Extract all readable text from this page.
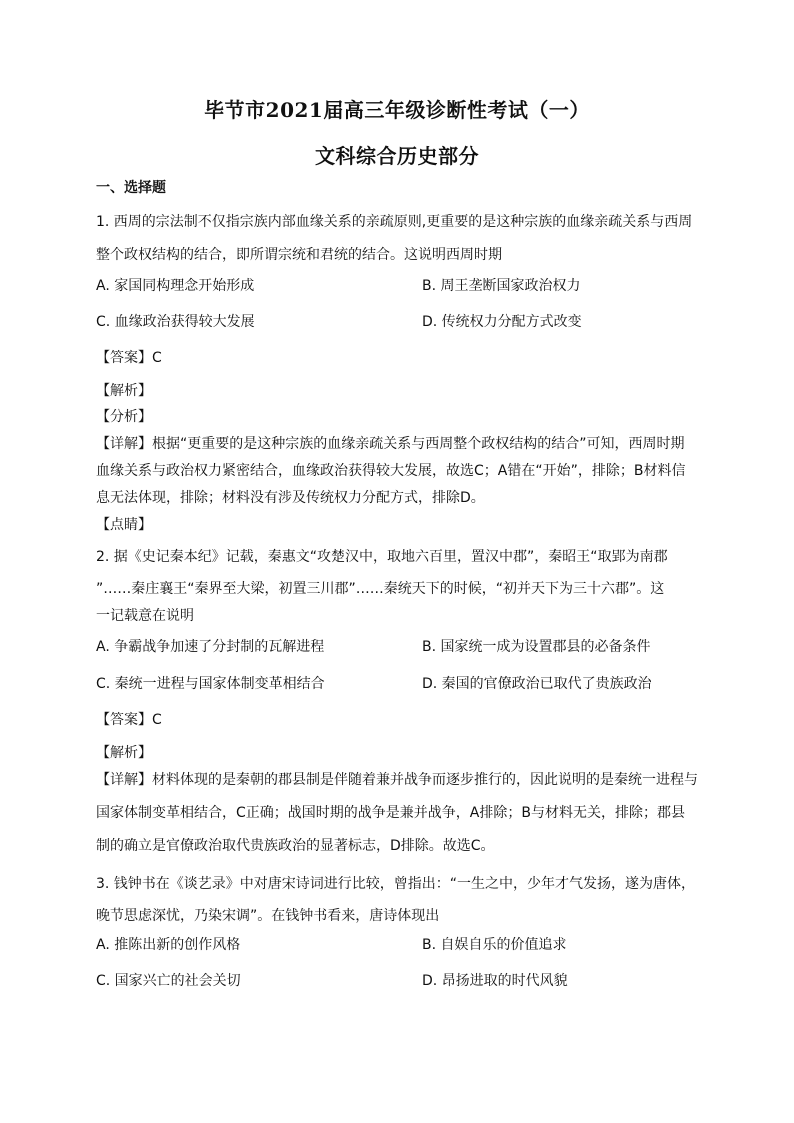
毕节市2021届高三年级诊断性考试（一）
文科综合历史部分
一、选择题
1. 西周的宗法制不仅指宗族内部血缘关系的亲疏原则,更重要的是这种宗族的血缘亲疏关系与西周
整个政权结构的结合，即所谓宗统和君统的结合。这说明西周时期
A. 家国同构理念开始形成	B. 周王垄断国家政治权力
C. 血缘政治获得较大发展	D. 传统权力分配方式改变
【答案】C
【解析】
【分析】
【详解】根据“更重要的是这种宗族的血缘亲疏关系与西周整个政权结构的结合”可知，西周时期
血缘关系与政治权力紧密结合，血缘政治获得较大发展，故选C；A错在“开始”，排除；B材料信
息无法体现，排除；材料没有涉及传统权力分配方式，排除D。
【点睛】
2. 据《史记秦本纪》记载，秦惠文“攻楚汉中，取地六百里，置汉中郡”，秦昭王“取郢为南郡
”……秦庄襄王“秦界至大梁，初置三川郡”……秦统天下的时候，“初并天下为三十六郡”。这
一记载意在说明
A. 争霸战争加速了分封制的瓦解进程	B. 国家统一成为设置郡县的必备条件
C. 秦统一进程与国家体制变革相结合	D. 秦国的官僚政治已取代了贵族政治
【答案】C
【解析】
【详解】材料体现的是秦朝的郡县制是伴随着兼并战争而逐步推行的，因此说明的是秦统一进程与
国家体制变革相结合，C正确；战国时期的战争是兼并战争，A排除；B与材料无关，排除；郡县
制的确立是官僚政治取代贵族政治的显著标志，D排除。故选C。
3. 钱钟书在《谈艺录》中对唐宋诗词进行比较，曾指出：“一生之中，少年才气发扬，遂为唐体，
晚节思虑深忧，乃染宋调”。在钱钟书看来，唐诗体现出
A. 推陈出新的创作风格	B. 自娱自乐的价值追求
C. 国家兴亡的社会关切	D. 昂扬进取的时代风貌
